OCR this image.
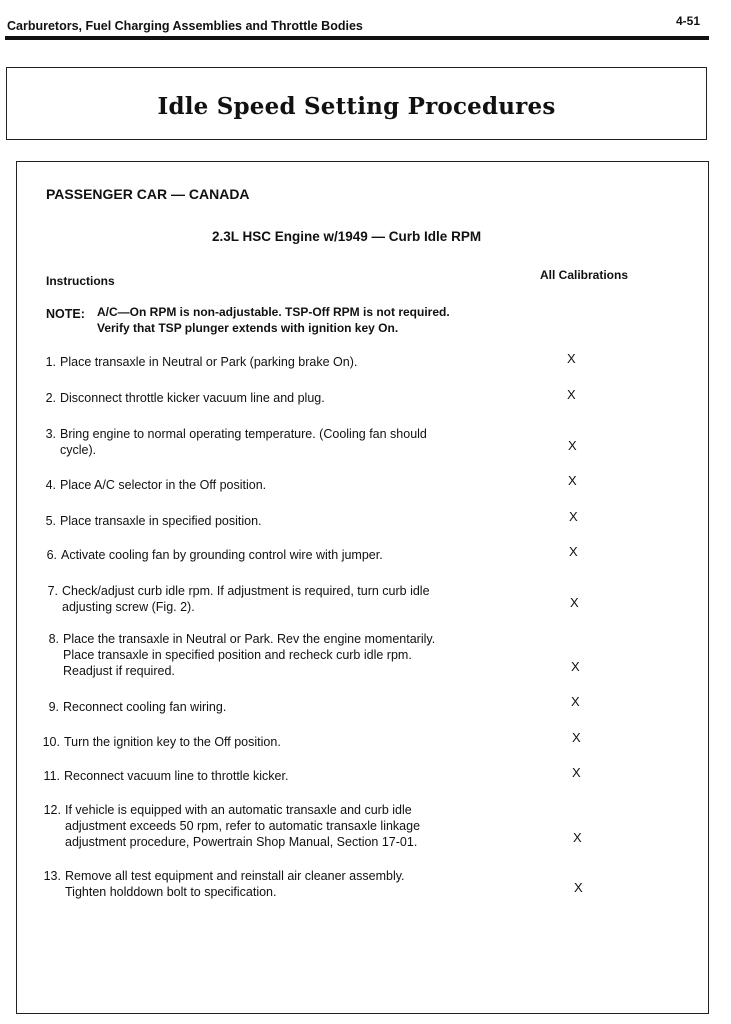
Carburetors, Fuel Charging Assemblies and Throttle Bodies	4-51
Idle Speed Setting Procedures
PASSENGER CAR — CANADA
2.3L HSC Engine w/1949 — Curb Idle RPM
Instructions	All Calibrations
NOTE: A/C—On RPM is non-adjustable. TSP-Off RPM is not required.
Verify that TSP plunger extends with ignition key On.
1. Place transaxle in Neutral or Park (parking brake On).	X
2. Disconnect throttle kicker vacuum line and plug.	X
3. Bring engine to normal operating temperature. (Cooling fan should
cycle).	X
4. Place A/C selector in the Off position.	X
5. Place transaxle in specified position.	X
6. Activate cooling fan by grounding control wire with jumper.	X
7. Check/adjust curb idle rpm. If adjustment is required, turn curb idle
adjusting screw (Fig. 2).	X
8. Place the transaxle in Neutral or Park. Rev the engine momentarily.
Place transaxle in specified position and recheck curb idle rpm.
Readjust if required.	X
9. Reconnect cooling fan wiring.	X
10. Turn the ignition key to the Off position.	X
11. Reconnect vacuum line to throttle kicker.	X
12. If vehicle is equipped with an automatic transaxle and curb idle
adjustment exceeds 50 rpm, refer to automatic transaxle linkage
adjustment procedure, Powertrain Shop Manual, Section 17-01.	X
13. Remove all test equipment and reinstall air cleaner assembly.
Tighten holddown bolt to specification.	X
